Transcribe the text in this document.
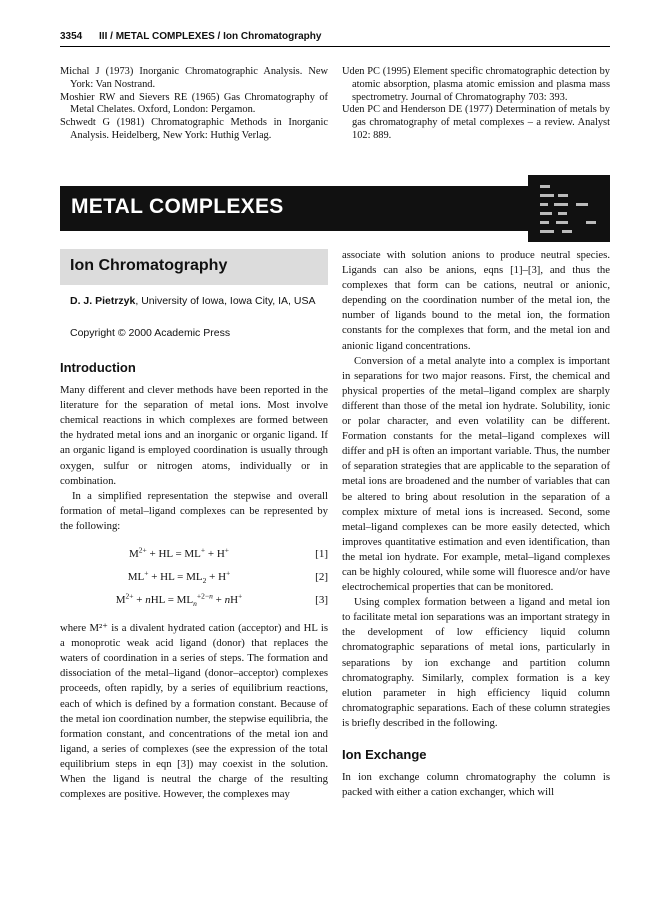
3354 III / METAL COMPLEXES / Ion Chromatography

Michal J (1973) Inorganic Chromatographic Analysis. New York: Van Nostrand.

Moshier RW and Sievers RE (1965) Gas Chromatography of Metal Chelates. Oxford, London: Pergamon.

Schwedt G (1981) Chromatographic Methods in Inorganic Analysis. Heidelberg, New York: Huthig Verlag.

Uden PC (1995) Element specific chromatographic detection by atomic absorption, plasma atomic emission and plasma mass spectrometry. Journal of Chromatography 703: 393.

Uden PC and Henderson DE (1977) Determination of metals by gas chromatography of metal complexes – a review. Analyst 102: 889.

METAL COMPLEXES
Ion Chromatography
D. J. Pietrzyk, University of Iowa, Iowa City, IA, USA
Copyright © 2000 Academic Press
Introduction

Many different and clever methods have been reported in the literature for the separation of metal ions. Most involve chemical reactions in which complexes are formed between the hydrated metal ions and an inorganic or organic ligand. If an organic ligand is employed coordination is usually through oxygen, sulfur or nitrogen atoms, individually or in combination.

In a simplified representation the stepwise and overall formation of metal–ligand complexes can be represented by the following:

$M^{2+}$ + HL = ML+ + H+	[1]
ML+ + HL = $ML_2 + H^+$	[2]
$M^{2+}$ + nHL = $ML_n^{+2-n} + nH^+$	[3]

where M²⁺ is a divalent hydrated cation (acceptor) and HL is a monoprotic weak acid ligand (donor) that replaces the waters of coordination in a series of steps. The formation and dissociation of the metal–ligand (donor–acceptor) complexes proceeds, often rapidly, by a series of equilibrium reactions, each of which is defined by a formation constant. Because of the metal ion coordination number, the stepwise equilibria, the formation constant, and concentrations of the metal ion and ligand, a series of complexes (see the expression of the total equilibrium steps in eqn [3]) may coexist in the solution. When the ligand is neutral the charge of the resulting complexes are positive. However, the complexes may

associate with solution anions to produce neutral species. Ligands can also be anions, eqns [1]–[3], and thus the complexes that form can be cations, neutral or anionic, depending on the coordination number of the metal ion, the number of ligands bound to the metal ion, the formation constants for the complexes that form, and the metal ion and anionic ligand concentrations.

Conversion of a metal analyte into a complex is important in separations for two major reasons. First, the chemical and physical properties of the metal–ligand complex are sharply different than those of the metal ion hydrate. Solubility, ionic or polar character, and even volatility can be different. Formation constants for the metal–ligand complexes will differ and pH is often an important variable. Thus, the number of separation strategies that are applicable to the separation of metal ions are broadened and the number of variables that can be altered to bring about resolution in the separation of a complex mixture of metal ions is increased. Second, some metal–ligand complexes can be more easily detected, which improves quantitative estimation and even identification, than the metal ion hydrate. For example, metal–ligand complexes can be highly coloured, while some will fluoresce and/or have electrochemical properties that can be monitored.

Using complex formation between a ligand and metal ion to facilitate metal ion separations was an important strategy in the development of low efficiency liquid column chromatographic separations of metal ions, particularly in separations by ion exchange and partition column chromatography. Similarly, complex formation is a key elution parameter in high efficiency liquid column chromatographic separations. Each of these column strategies is briefly described in the following.

Ion Exchange

In ion exchange column chromatography the column is packed with either a cation exchanger, which will
